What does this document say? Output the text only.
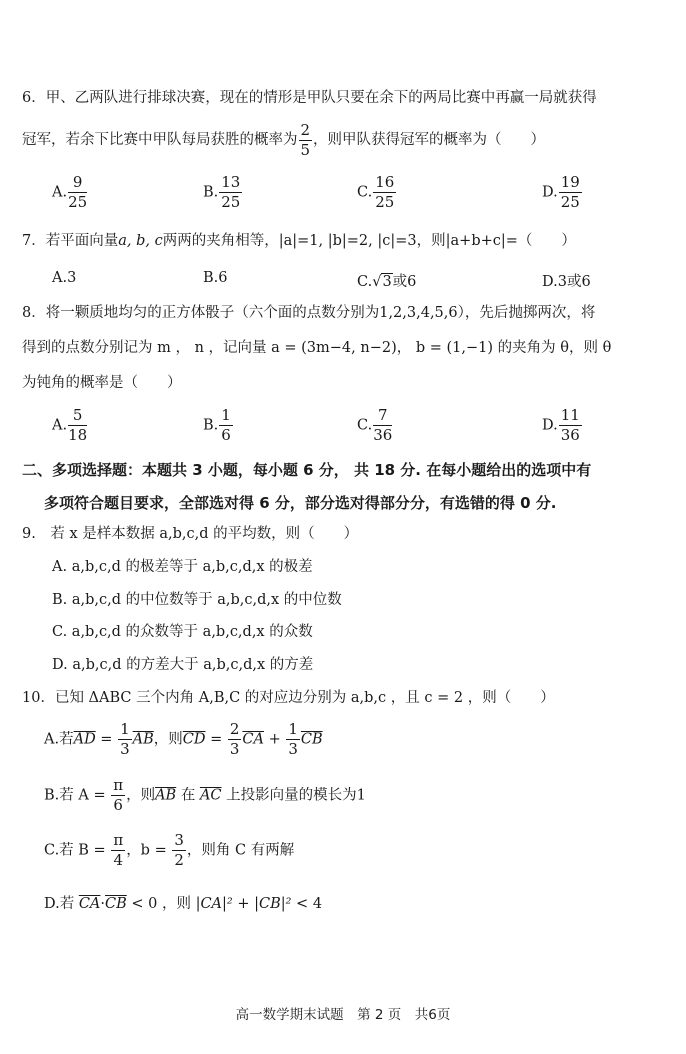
6．甲、乙两队进行排球决赛，现在的情形是甲队只要在余下的两局比赛中再赢一局就获得
冠军，若余下比赛中甲队每局获胜的概率为 $\frac{2}{5}$ ，则甲队获得冠军的概率为（　　）
A. $\frac{9}{25}$	B. $\frac{13}{25}$	C. $\frac{16}{25}$	D. $\frac{19}{25}$
7．若平面向量a, b, c两两的夹角相等，|a|=1, |b|=2, |c|=3，则|a+b+c|=（　　）
A.3	B.6	C.√3或6	D.3或6
8．将一颗质地均匀的正方体骰子（六个面的点数分别为1,2,3,4,5,6），先后抛掷两次，将
得到的点数分别记为 m ， n ，记向量 a = (3m−4, n−2)， b = (1,−1) 的夹角为 θ，则 θ
为钝角的概率是（　　）
A. $\frac{5}{18}$	B. $\frac{1}{6}$	C. $\frac{7}{36}$	D. $\frac{11}{36}$
二、多项选择题：本题共 3 小题，每小题 6 分， 共 18 分. 在每小题给出的选项中有
多项符合题目要求，全部选对得 6 分，部分选对得部分分，有选错的得 0 分.
9.　若 x 是样本数据 a,b,c,d 的平均数，则（　　）
A. a,b,c,d 的极差等于 a,b,c,d,x 的极差
B. a,b,c,d 的中位数等于 a,b,c,d,x 的中位数
C. a,b,c,d 的众数等于 a,b,c,d,x 的众数
D. a,b,c,d 的方差大于 a,b,c,d,x 的方差
10．已知 ΔABC 三个内角 A,B,C 的对应边分别为 a,b,c ，且 c = 2 ，则（　　）
A.若$\overline{AD} = \frac{1}{3} \overline{AB}$，则$\overline{CD} = \frac{2}{3} \overline{CA} + \frac{1}{3} \overline{CB}$
B.若 $A = \frac{\pi}{6}$ ，则$\overline{AB}$ 在 $\overline{AC}$ 上投影向量的模长为1
C.若 $B = \frac{\pi}{4}$ ，$b = \frac{3}{2}$ ，则角 C 有两解
D.若 $\overline{CA}\cdot\overline{CB} < 0$ ，则 |CA|² + |CB|² < 4
高一数学期末试题　第 2 页　共6页
